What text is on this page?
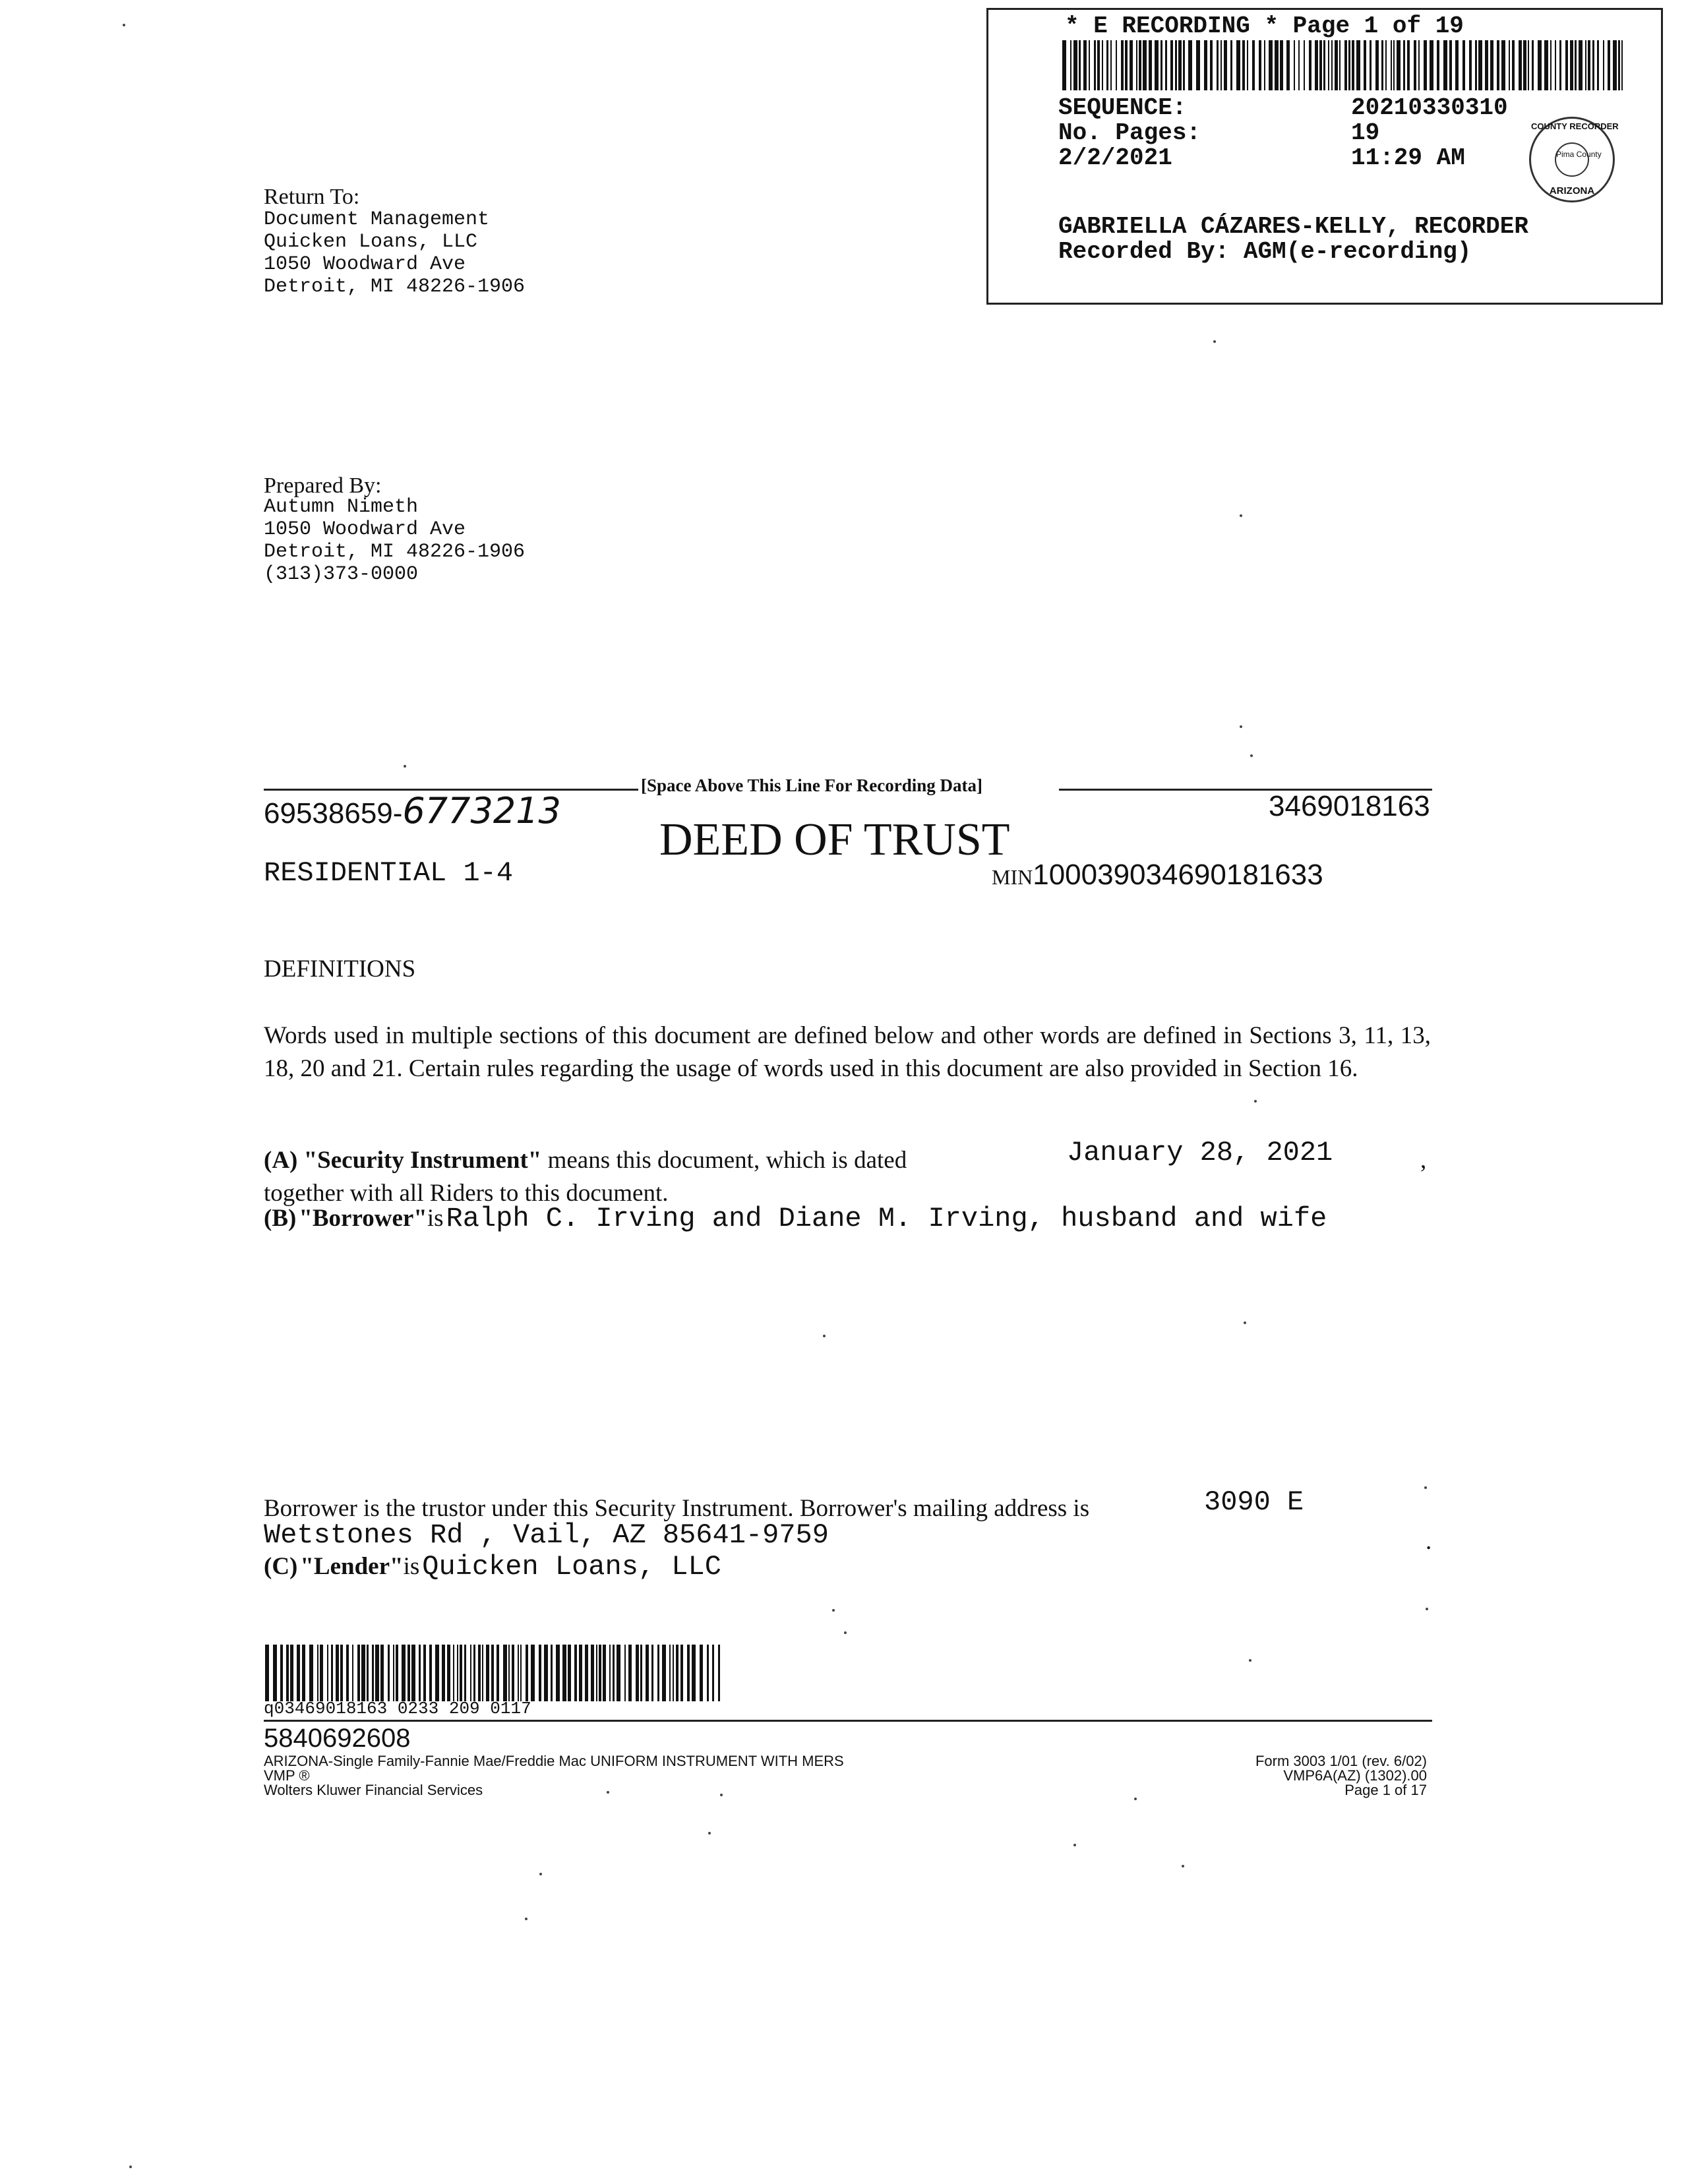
* E RECORDING * Page 1 of 19
SEQUENCE:	20210330310
No. Pages:	19
2/2/2021	11:29 AM
COUNTY RECORDER
Pima County
ARIZONA
GABRIELLA CÁZARES-KELLY, RECORDER
Recorded By: AGM(e-recording)
Return To:
Document Management
Quicken Loans, LLC
1050 Woodward Ave
Detroit, MI 48226-1906
Prepared By:
Autumn Nimeth
1050 Woodward Ave
Detroit, MI 48226-1906
(313)373-0000
[Space Above This Line For Recording Data]
69538659-6773213	3469018163
DEED OF TRUST
RESIDENTIAL 1-4	MIN100039034690181633
DEFINITIONS
Words used in multiple sections of this document are defined below and other words are defined in Sections 3, 11, 13, 18, 20 and 21. Certain rules regarding the usage of words used in this document are also provided in Section 16.
(A) "Security Instrument" means this document, which is dated	January 28, 2021	,
together with all Riders to this document.
(B) "Borrower"is Ralph C. Irving and Diane M. Irving, husband and wife
Borrower is the trustor under this Security Instrument. Borrower's mailing address is	3090 E
Wetstones Rd , Vail, AZ 85641-9759	.
(C) "Lender"is Quicken Loans, LLC
q03469018163 0233 209 0117
5840692608
ARIZONA-Single Family-Fannie Mae/Freddie Mac UNIFORM INSTRUMENT WITH MERS
VMP ®
Wolters Kluwer Financial Services
Form 3003 1/01 (rev. 6/02)
VMP6A(AZ) (1302).00
Page 1 of 17
